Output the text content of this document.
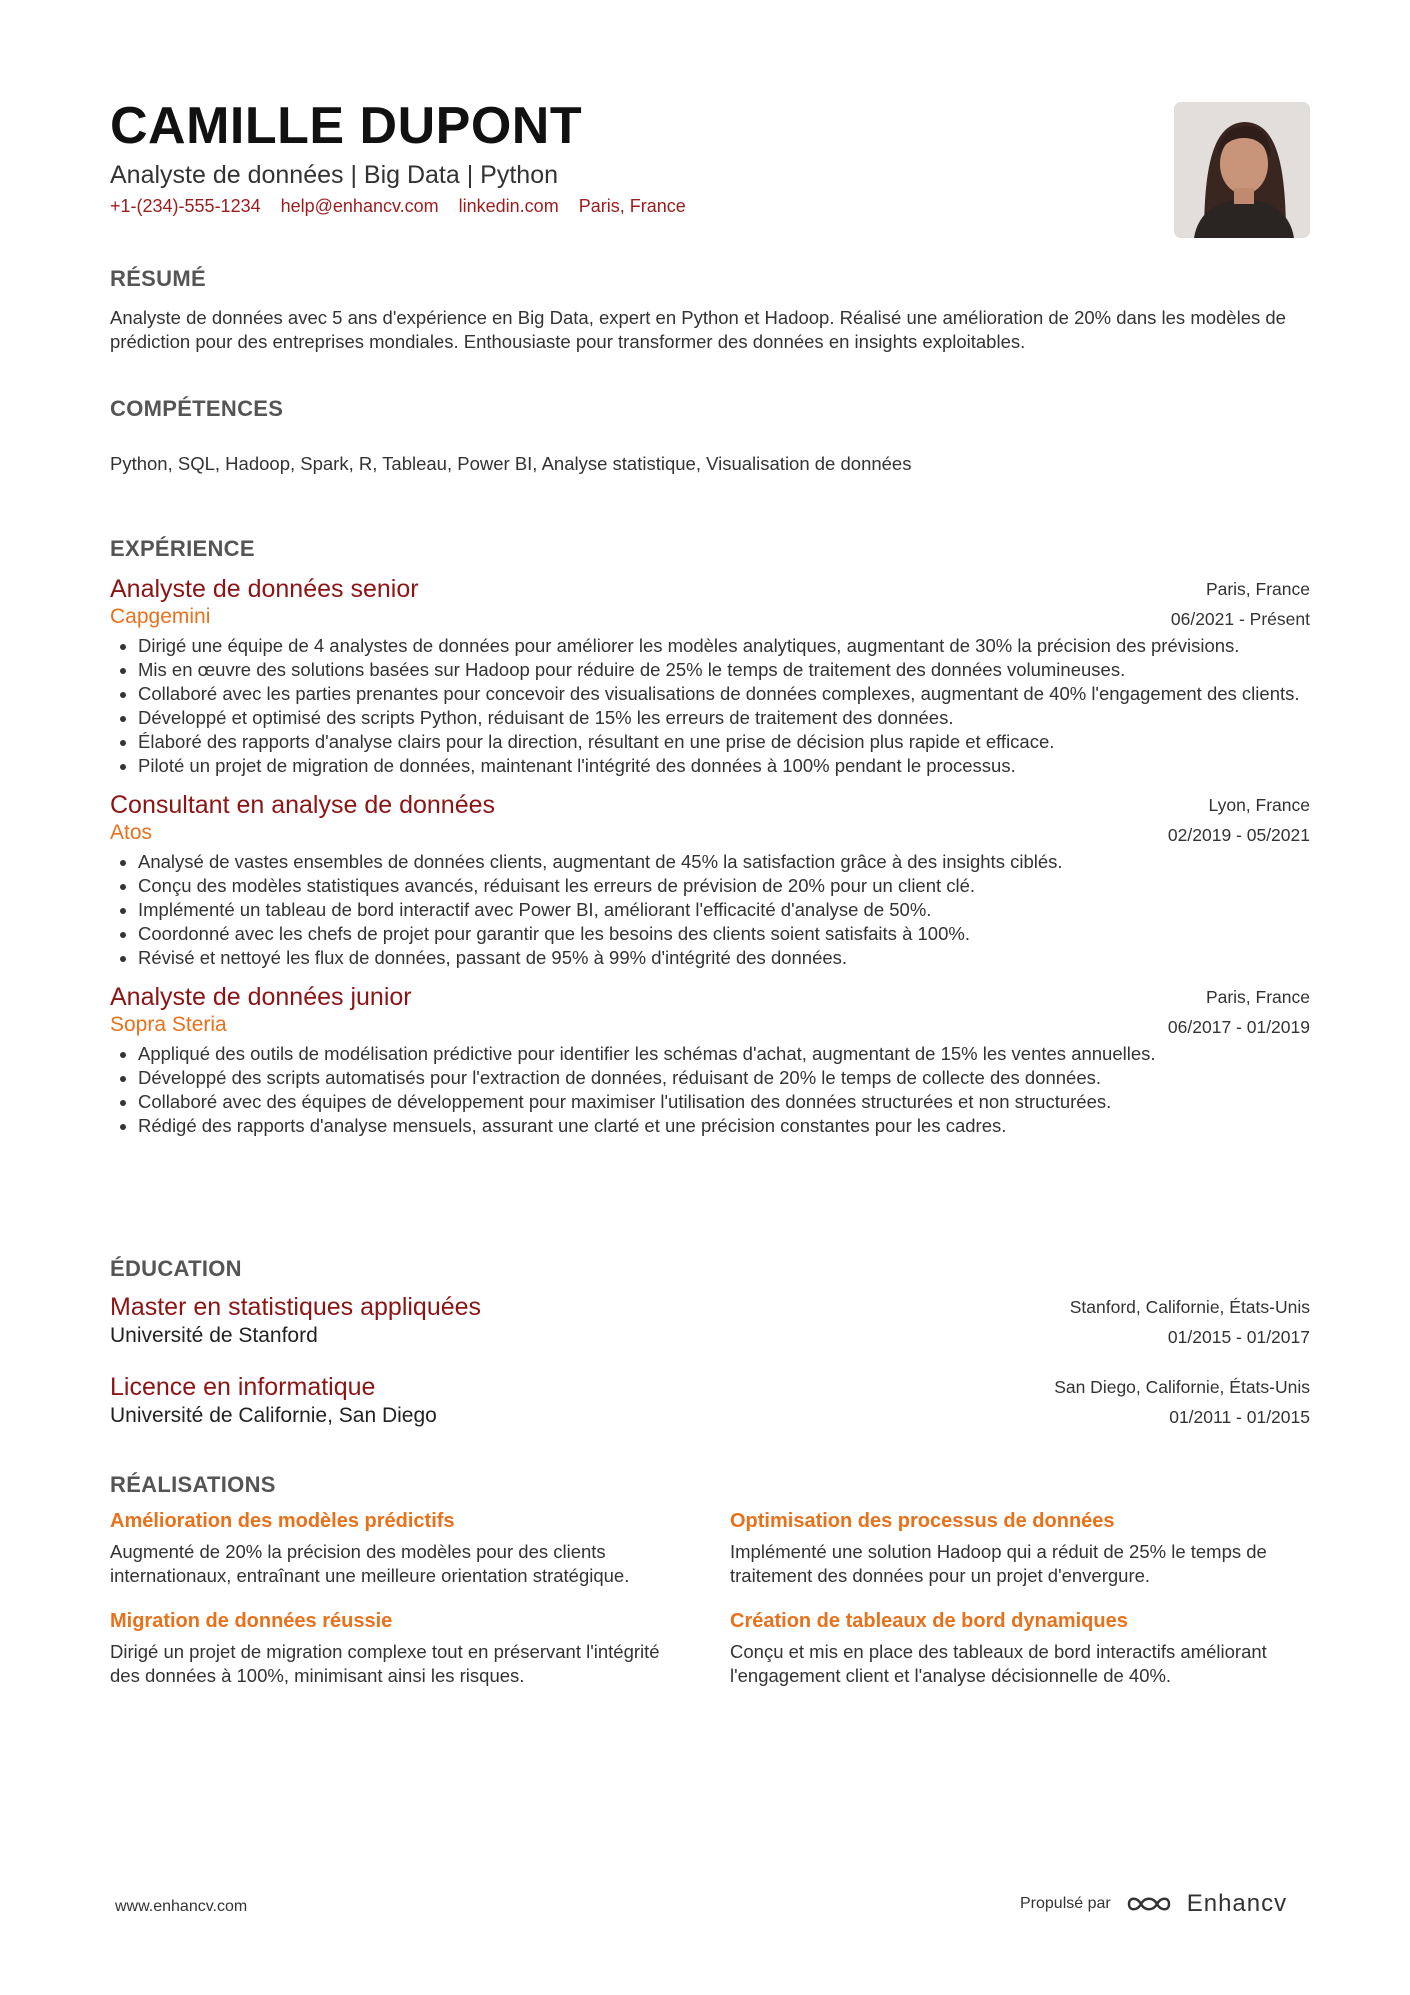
CAMILLE DUPONT
Analyste de données | Big Data | Python
+1-(234)-555-1234 help@enhancv.com linkedin.com Paris, France
RÉSUMÉ
Analyste de données avec 5 ans d'expérience en Big Data, expert en Python et Hadoop. Réalisé une amélioration de 20% dans les modèles de prédiction pour des entreprises mondiales. Enthousiaste pour transformer des données en insights exploitables.
COMPÉTENCES
Python, SQL, Hadoop, Spark, R, Tableau, Power BI, Analyse statistique, Visualisation de données
EXPÉRIENCE
Analyste de données senior
Capgemini
Paris, France
06/2021 - Présent
• Dirigé une équipe de 4 analystes de données pour améliorer les modèles analytiques, augmentant de 30% la précision des prévisions.
• Mis en œuvre des solutions basées sur Hadoop pour réduire de 25% le temps de traitement des données volumineuses.
• Collaboré avec les parties prenantes pour concevoir des visualisations de données complexes, augmentant de 40% l'engagement des clients.
• Développé et optimisé des scripts Python, réduisant de 15% les erreurs de traitement des données.
• Élaboré des rapports d'analyse clairs pour la direction, résultant en une prise de décision plus rapide et efficace.
• Piloté un projet de migration de données, maintenant l'intégrité des données à 100% pendant le processus.
Consultant en analyse de données
Atos
Lyon, France
02/2019 - 05/2021
• Analysé de vastes ensembles de données clients, augmentant de 45% la satisfaction grâce à des insights ciblés.
• Conçu des modèles statistiques avancés, réduisant les erreurs de prévision de 20% pour un client clé.
• Implémenté un tableau de bord interactif avec Power BI, améliorant l'efficacité d'analyse de 50%.
• Coordonné avec les chefs de projet pour garantir que les besoins des clients soient satisfaits à 100%.
• Révisé et nettoyé les flux de données, passant de 95% à 99% d'intégrité des données.
Analyste de données junior
Sopra Steria
Paris, France
06/2017 - 01/2019
• Appliqué des outils de modélisation prédictive pour identifier les schémas d'achat, augmentant de 15% les ventes annuelles.
• Développé des scripts automatisés pour l'extraction de données, réduisant de 20% le temps de collecte des données.
• Collaboré avec des équipes de développement pour maximiser l'utilisation des données structurées et non structurées.
• Rédigé des rapports d'analyse mensuels, assurant une clarté et une précision constantes pour les cadres.
ÉDUCATION
Master en statistiques appliquées
Université de Stanford
Stanford, Californie, États-Unis
01/2015 - 01/2017
Licence en informatique
Université de Californie, San Diego
San Diego, Californie, États-Unis
01/2011 - 01/2015
RÉALISATIONS
Amélioration des modèles prédictifs
Augmenté de 20% la précision des modèles pour des clients internationaux, entraînant une meilleure orientation stratégique.
Optimisation des processus de données
Implémenté une solution Hadoop qui a réduit de 25% le temps de traitement des données pour un projet d'envergure.
Migration de données réussie
Dirigé un projet de migration complexe tout en préservant l'intégrité des données à 100%, minimisant ainsi les risques.
Création de tableaux de bord dynamiques
Conçu et mis en place des tableaux de bord interactifs améliorant l'engagement client et l'analyse décisionnelle de 40%.
www.enhancv.com	Propulsé par	Enhancv
